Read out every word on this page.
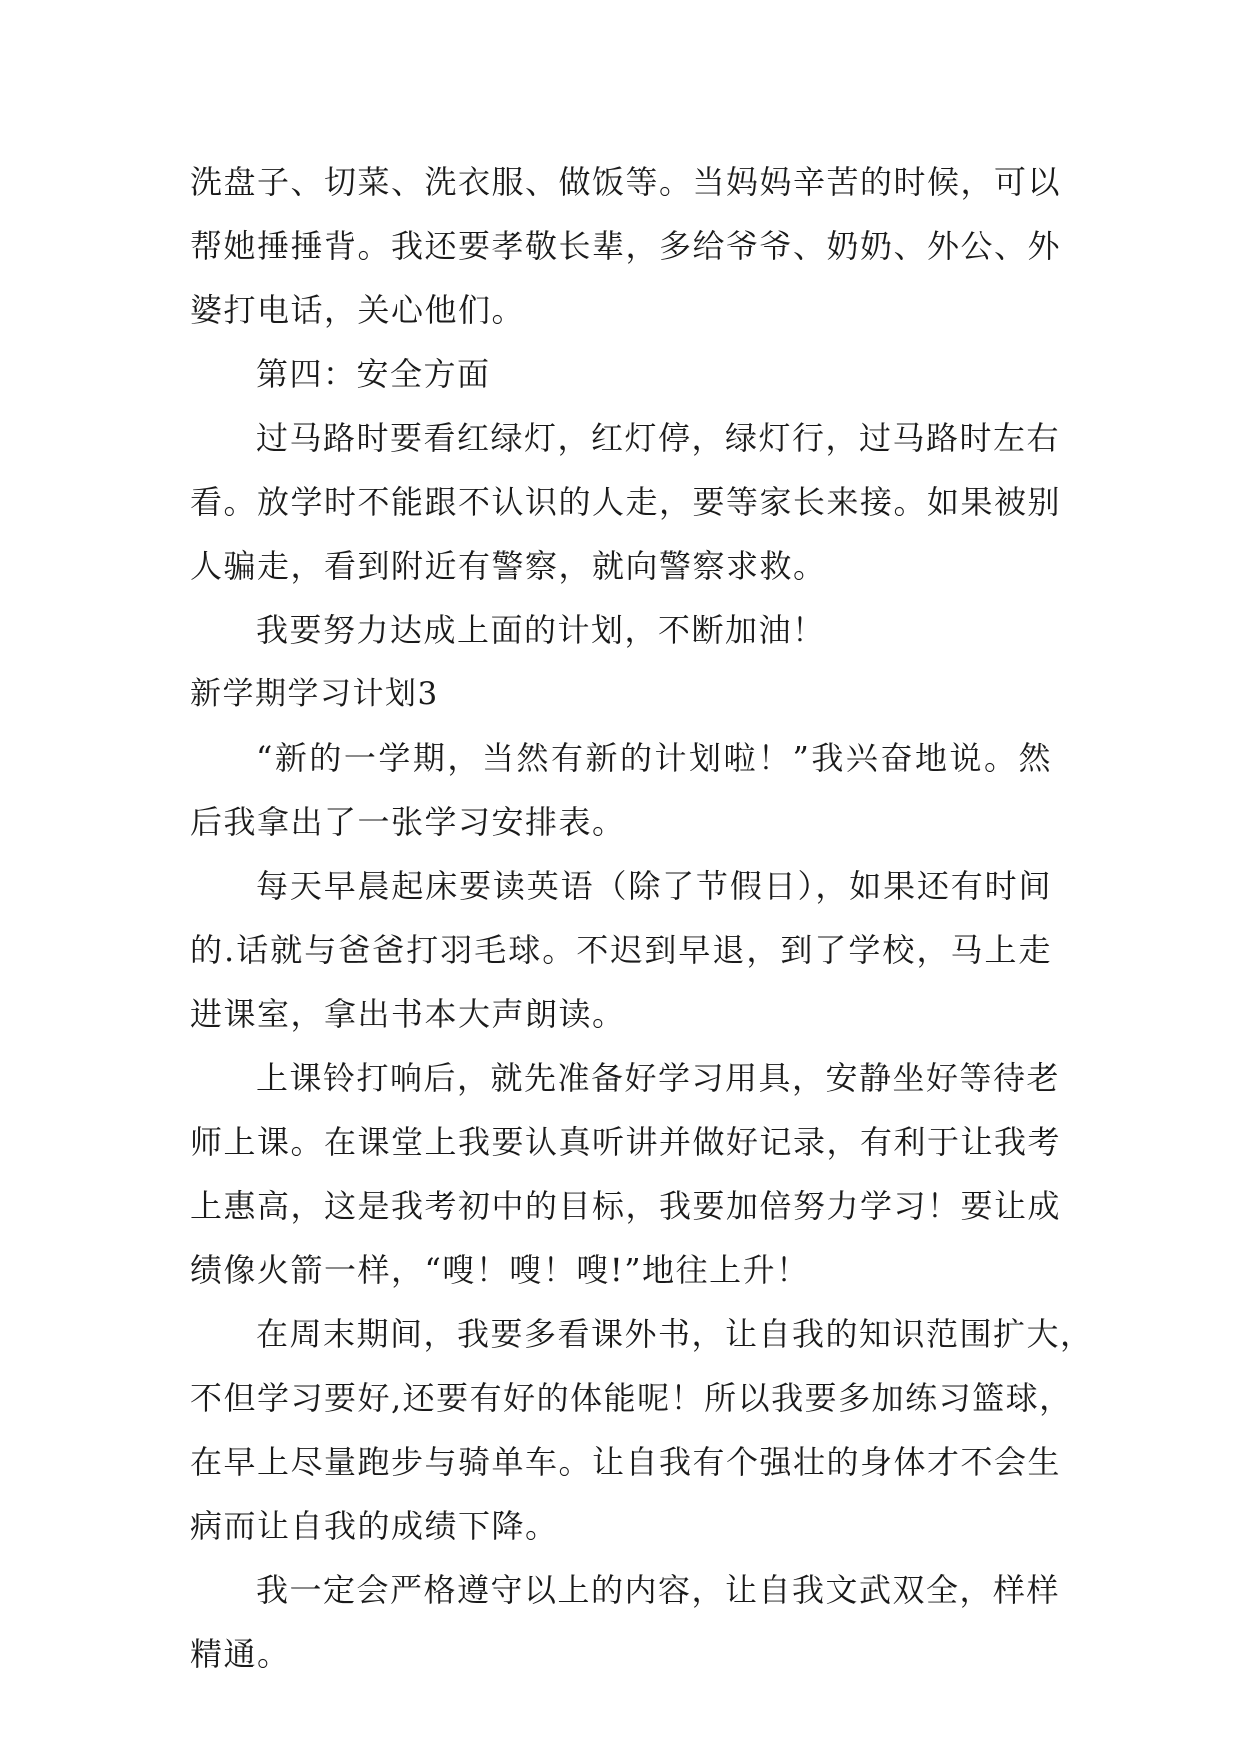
洗盘子、切菜、洗衣服、做饭等。当妈妈辛苦的时候，可以
帮她捶捶背。我还要孝敬长辈，多给爷爷、奶奶、外公、外
婆打电话，关心他们。
第四：安全方面
过马路时要看红绿灯，红灯停，绿灯行，过马路时左右
看。放学时不能跟不认识的人走，要等家长来接。如果被别
人骗走，看到附近有警察，就向警察求救。
我要努力达成上面的计划，不断加油！
新学期学习计划3
“新的一学期，当然有新的计划啦！”我兴奋地说。然
后我拿出了一张学习安排表。
每天早晨起床要读英语（除了节假日），如果还有时间
的.话就与爸爸打羽毛球。不迟到早退，到了学校，马上走
进课室，拿出书本大声朗读。
上课铃打响后，就先准备好学习用具，安静坐好等待老
师上课。在课堂上我要认真听讲并做好记录，有利于让我考
上惠高，这是我考初中的目标，我要加倍努力学习！要让成
绩像火箭一样，“嗖！嗖！嗖!”地往上升！
在周末期间，我要多看课外书，让自我的知识范围扩大，
不但学习要好,还要有好的体能呢！所以我要多加练习篮球，
在早上尽量跑步与骑单车。让自我有个强壮的身体才不会生
病而让自我的成绩下降。
我一定会严格遵守以上的内容，让自我文武双全，样样
精通。
